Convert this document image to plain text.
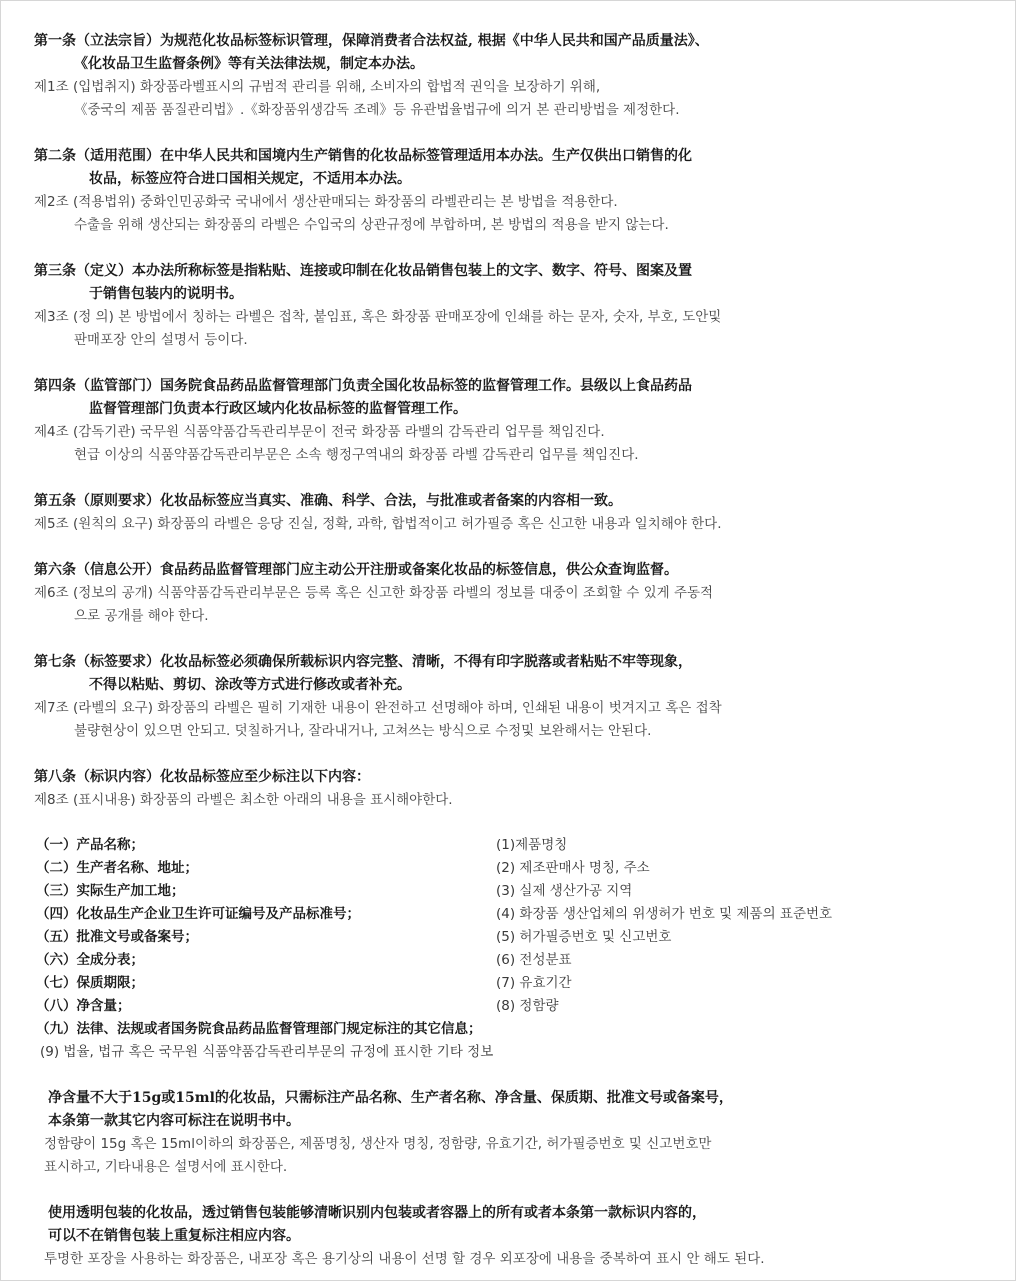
第一条（立法宗旨）为规范化妆品标签标识管理，保障消费者合法权益, 根据《中华人民共和国产品质量法》、
《化妆品卫生监督条例》等有关法律法规，制定本办法。
제1조 (입법취지) 화장품라벨표시의 규범적 관리를 위해, 소비자의 합법적 권익을 보장하기 위해,
《중국의 제품 품질관리법》.《화장품위생감독 조례》등 유관법율법규에 의거 본 관리방법을 제정한다.
第二条（适用范围）在中华人民共和国境内生产销售的化妆品标签管理适用本办法。生产仅供出口销售的化
妆品，标签应符合进口国相关规定，不适用本办法。
제2조 (적용법위) 중화인민공화국 국내에서 생산판매되는 화장품의 라벨관리는 본 방법을 적용한다.
수출을 위해 생산되는 화장품의 라벨은 수입국의 상관규정에 부합하며, 본 방법의 적용을 받지 않는다.
第三条（定义）本办法所称标签是指粘贴、连接或印制在化妆品销售包装上的文字、数字、符号、图案及置
于销售包装内的说明书。
제3조 (정 의) 본 방법에서 칭하는 라벨은 접착, 붙임표, 혹은 화장품 판매포장에 인쇄를 하는 문자, 숫자, 부호, 도안및
판매포장 안의 설명서 등이다.
第四条（监管部门）国务院食品药品监督管理部门负责全国化妆品标签的监督管理工作。县级以上食品药品
监督管理部门负责本行政区域内化妆品标签的监督管理工作。
제4조 (감독기관) 국무원 식품약품감독관리부문이 전국 화장품 라밸의 감독관리 업무를 책임진다.
현급 이상의 식품약품감독관리부문은 소속 행정구역내의 화장품 라벨 감독관리 업무를 책임진다.
第五条（原则要求）化妆品标签应当真实、准确、科学、合法，与批准或者备案的内容相一致。
제5조 (원칙의 요구) 화장품의 라벨은 응당 진실, 정확, 과학, 합법적이고 허가필증 혹은 신고한 내용과 일치해야 한다.
第六条（信息公开）食品药品监督管理部门应主动公开注册或备案化妆品的标签信息，供公众查询监督。
제6조 (정보의 공개) 식품약품감독관리부문은 등록 혹은 신고한 화장품 라벨의 정보를 대중이 조회할 수 있게 주동적
으로 공개를 해야 한다.
第七条（标签要求）化妆品标签必须确保所载标识内容完整、清晰，不得有印字脱落或者粘贴不牢等现象，
不得以粘贴、剪切、涂改等方式进行修改或者补充。
제7조 (라벨의 요구) 화장품의 라벨은 필히 기재한 내용이 완전하고 선명해야 하며, 인쇄된 내용이 벗겨지고 혹은 접착
불량현상이 있으면 안되고. 덧칠하거나, 잘라내거나, 고쳐쓰는 방식으로 수정및 보완해서는 안된다.
第八条（标识内容）化妆品标签应至少标注以下内容：
제8조 (표시내용) 화장품의 라벨은 최소한 아래의 내용을 표시해야한다.
（一）产品名称；	(1)제품명칭
（二）生产者名称、地址；	(2) 제조판매사 명칭, 주소
（三）实际生产加工地；	(3) 실제 생산가공 지역
（四）化妆品生产企业卫生许可证编号及产品标准号；	(4) 화장품 생산업체의 위생허가 번호 및 제품의 표준번호
（五）批准文号或备案号；	(5) 허가필증번호 및 신고번호
（六）全成分表；	(6) 전성분표
（七）保质期限；	(7) 유효기간
（八）净含量；	(8) 정함량
（九）法律、法规或者国务院食品药品监督管理部门规定标注的其它信息；
(9) 법율, 법규 혹은 국무원 식품약품감독관리부문의 규정에 표시한 기타 정보
净含量不大于15g或15ml的化妆品，只需标注产品名称、生产者名称、净含量、保质期、批准文号或备案号，
本条第一款其它内容可标注在说明书中。
정함량이 15g 혹은 15ml이하의 화장품은, 제품명칭, 생산자 명칭, 정함량, 유효기간, 허가필증번호 및 신고번호만
표시하고, 기타내용은 설명서에 표시한다.
使用透明包装的化妆品，透过销售包装能够清晰识别内包装或者容器上的所有或者本条第一款标识内容的，
可以不在销售包装上重复标注相应内容。
투명한 포장을 사용하는 화장품은, 내포장 혹은 용기상의 내용이 선명 할 경우 외포장에 내용을 중복하여 표시 안 해도 된다.
